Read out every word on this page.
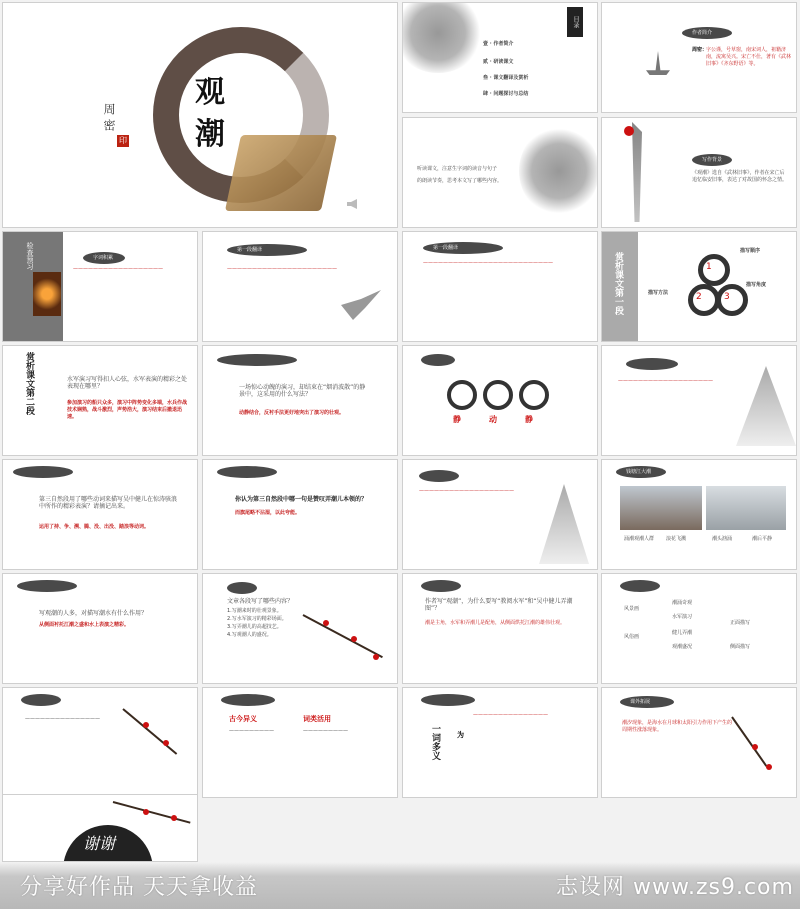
观
潮
周 密
印
目录
壹 · 作者简介
贰 · 研读课文
叁 · 课文翻译及赏析
肆 · 问题探讨与总结
作者简介
周密：
字公谨，号草窗，南宋词人，祖籍济南，流寓吴兴。宋亡不仕，著有《武林旧事》《齐东野语》等。
听读课文，注意生字词的读音与句子
的朗读节奏，思考本文写了哪些内容。
写作背景
《观潮》选自《武林旧事》，作者在宋亡后追忆临安旧事，表达了对故国的怀念之情。
检查预习	字词积累
——————————————————
第一段翻译
——————————————————————
第一段翻译
——————————————————————————	赏析课文第一段	1
2 3
描写顺序
描写方法
描写角度
赏析课文第二段	水军演习写得扣人心弦，水军表演的精彩之处表现在哪里？
参加演习的船只众多，演习中阵势变化多端，水兵作战技术娴熟，战斗激烈，声势浩大，演习结束后撤退迅速。
一场惊心动魄的演习，却结束在“烟消波散”的静景中，这采用的什么写法？
动静结合，反衬手法更好地突出了演习的壮观。
静	动	静
———————————————————
第三自然段用了哪些动词来描写吴中健儿在惊涛骇浪中所作的精彩表演？请摘记出来。
运用了持、争、溯、腾、没、出没、踏浪等动词。
你认为第三自然段中哪一句是赞叹弄潮儿本领的？
而旗尾略不沾湿，以此夸能。
———————————————————
钱塘江大潮
涌潮观潮人群 浪花飞溅	潮头汹涌	潮后平静
写观潮的人多，对描写潮水有什么作用？
从侧面衬托江潮之盛和水上表演之精彩。
文章各段写了哪些内容？
1.写潮来时的壮观景象。
2.写水军演习的精彩场面。
3.写弄潮儿的高超技艺。
4.写观潮人的盛况。
作者写“观潮”，为什么要写“教阅水军”和“吴中健儿弄潮图”？
潮是主角，水军和弄潮儿是配角，从侧面烘托江潮的雄伟壮观。
风景画
风俗画
潮涌奇观
水军演习
健儿弄潮
观潮盛况
正面描写
侧面描写
———————————————	古今异义	词类活用
—————————	—————————	一词多义 为
———————————————
课外拓展
潮汐现象，是海水在月球和太阳引力作用下产生的周期性涨落现象。
谢谢
分享好作品 天天拿收益	志设网 www.zs9.com
